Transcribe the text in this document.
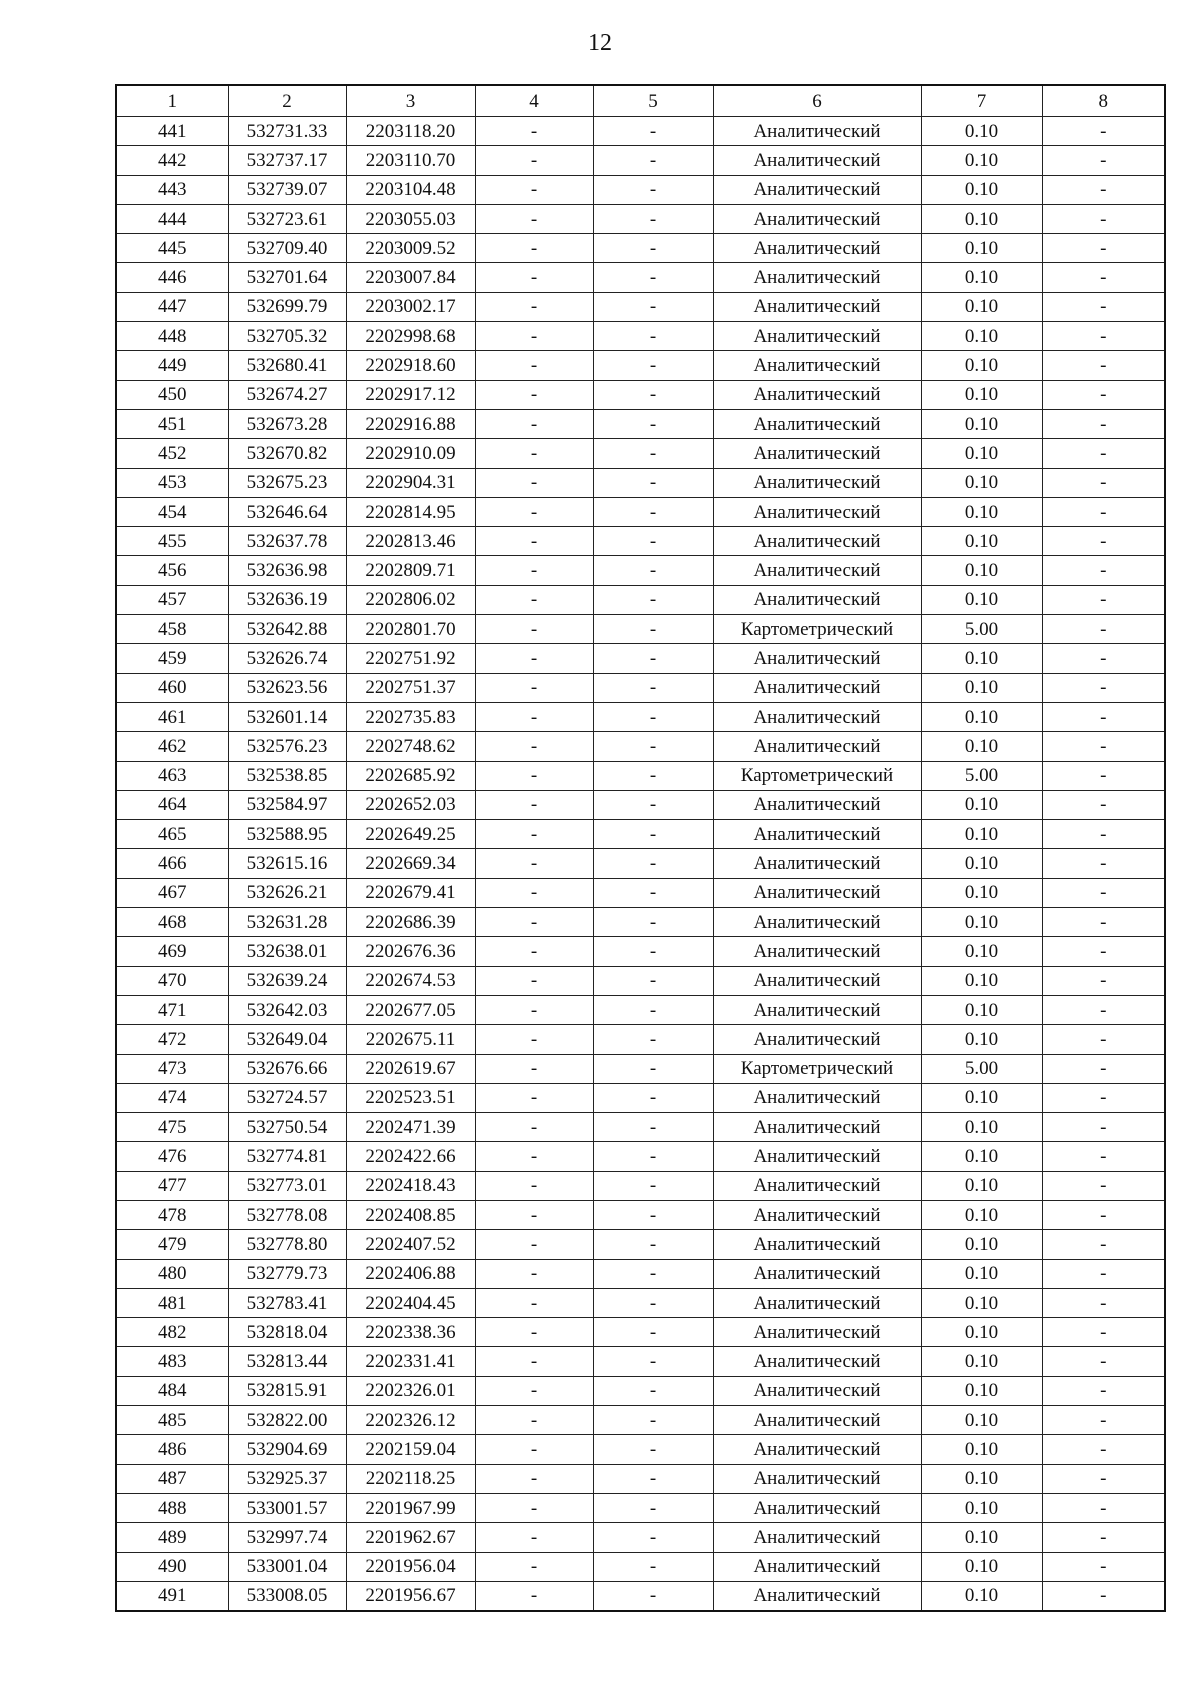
12
1	2	3	4	5	6	7	8
441	532731.33	2203118.20	-	-	Аналитический	0.10	-
442	532737.17	2203110.70	-	-	Аналитический	0.10	-
443	532739.07	2203104.48	-	-	Аналитический	0.10	-
444	532723.61	2203055.03	-	-	Аналитический	0.10	-
445	532709.40	2203009.52	-	-	Аналитический	0.10	-
446	532701.64	2203007.84	-	-	Аналитический	0.10	-
447	532699.79	2203002.17	-	-	Аналитический	0.10	-
448	532705.32	2202998.68	-	-	Аналитический	0.10	-
449	532680.41	2202918.60	-	-	Аналитический	0.10	-
450	532674.27	2202917.12	-	-	Аналитический	0.10	-
451	532673.28	2202916.88	-	-	Аналитический	0.10	-
452	532670.82	2202910.09	-	-	Аналитический	0.10	-
453	532675.23	2202904.31	-	-	Аналитический	0.10	-
454	532646.64	2202814.95	-	-	Аналитический	0.10	-
455	532637.78	2202813.46	-	-	Аналитический	0.10	-
456	532636.98	2202809.71	-	-	Аналитический	0.10	-
457	532636.19	2202806.02	-	-	Аналитический	0.10	-
458	532642.88	2202801.70	-	-	Картометрический	5.00	-
459	532626.74	2202751.92	-	-	Аналитический	0.10	-
460	532623.56	2202751.37	-	-	Аналитический	0.10	-
461	532601.14	2202735.83	-	-	Аналитический	0.10	-
462	532576.23	2202748.62	-	-	Аналитический	0.10	-
463	532538.85	2202685.92	-	-	Картометрический	5.00	-
464	532584.97	2202652.03	-	-	Аналитический	0.10	-
465	532588.95	2202649.25	-	-	Аналитический	0.10	-
466	532615.16	2202669.34	-	-	Аналитический	0.10	-
467	532626.21	2202679.41	-	-	Аналитический	0.10	-
468	532631.28	2202686.39	-	-	Аналитический	0.10	-
469	532638.01	2202676.36	-	-	Аналитический	0.10	-
470	532639.24	2202674.53	-	-	Аналитический	0.10	-
471	532642.03	2202677.05	-	-	Аналитический	0.10	-
472	532649.04	2202675.11	-	-	Аналитический	0.10	-
473	532676.66	2202619.67	-	-	Картометрический	5.00	-
474	532724.57	2202523.51	-	-	Аналитический	0.10	-
475	532750.54	2202471.39	-	-	Аналитический	0.10	-
476	532774.81	2202422.66	-	-	Аналитический	0.10	-
477	532773.01	2202418.43	-	-	Аналитический	0.10	-
478	532778.08	2202408.85	-	-	Аналитический	0.10	-
479	532778.80	2202407.52	-	-	Аналитический	0.10	-
480	532779.73	2202406.88	-	-	Аналитический	0.10	-
481	532783.41	2202404.45	-	-	Аналитический	0.10	-
482	532818.04	2202338.36	-	-	Аналитический	0.10	-
483	532813.44	2202331.41	-	-	Аналитический	0.10	-
484	532815.91	2202326.01	-	-	Аналитический	0.10	-
485	532822.00	2202326.12	-	-	Аналитический	0.10	-
486	532904.69	2202159.04	-	-	Аналитический	0.10	-
487	532925.37	2202118.25	-	-	Аналитический	0.10	-
488	533001.57	2201967.99	-	-	Аналитический	0.10	-
489	532997.74	2201962.67	-	-	Аналитический	0.10	-
490	533001.04	2201956.04	-	-	Аналитический	0.10	-
491	533008.05	2201956.67	-	-	Аналитический	0.10	-
